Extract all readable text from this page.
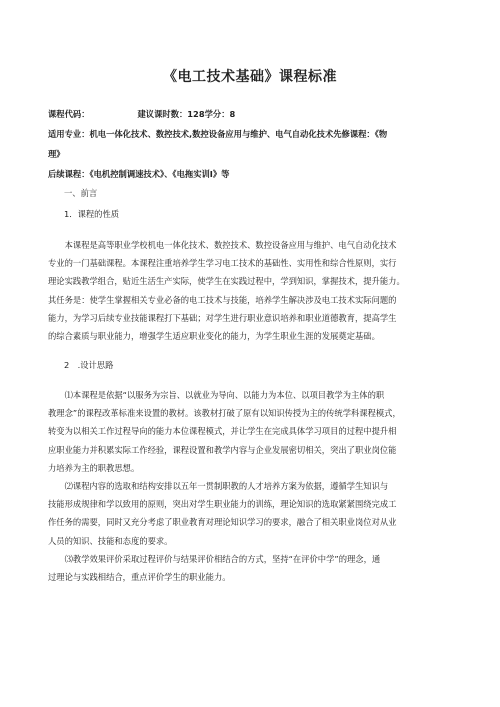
《电工技术基础》课程标准
课程代码：	建议课时数：128学分：8
适用专业：机电一体化技术、数控技术,数控设备应用与维护、电气自动化技术先修课程：《物
理》
后续课程：《电机控制调速技术》、《电拖实训I》等
一、前言
1．课程的性质
本课程是高等职业学校机电一体化技术、数控技术、数控设备应用与维护、电气自动化技术
专业的一门基础课程。本课程注重培养学生学习电工技术的基础性、实用性和综合性原则，实行
理论实践教学组合，贴近生活生产实际，使学生在实践过程中，学到知识，掌握技术，提升能力。
其任务是：使学生掌握相关专业必备的电工技术与技能，培养学生解决涉及电工技术实际问题的
能力，为学习后续专业技能课程打下基础；对学生进行职业意识培养和职业道德教育，提高学生
的综合素质与职业能力，增强学生适应职业变化的能力，为学生职业生涯的发展奠定基础。
2　.设计思路
⑴本课程是依据“以服务为宗旨、以就业为导向、以能力为本位、以项目教学为主体的职
教理念”的课程改革标准来设置的教材。该教材打破了原有以知识传授为主的传统学科课程模式，
转变为以相关工作过程导向的能力本位课程模式，并让学生在完成具体学习项目的过程中提升相
应职业能力并积累实际工作经验，课程设置和教学内容与企业发展密切相关，突出了职业岗位能
力培养为主的职教思想。
⑵课程内容的选取和结构安排以五年一贯制职教的人才培养方案为依据，遵循学生知识与
技能形成规律和学以致用的原则，突出对学生职业能力的训练，理论知识的选取紧紧围绕完成工
作任务的需要，同时又充分考虑了职业教育对理论知识学习的要求，融合了相关职业岗位对从业
人员的知识、技能和态度的要求。
⑶教学效果评价采取过程评价与结果评价相结合的方式，坚持“在评价中学”的理念，通
过理论与实践相结合，重点评价学生的职业能力。
